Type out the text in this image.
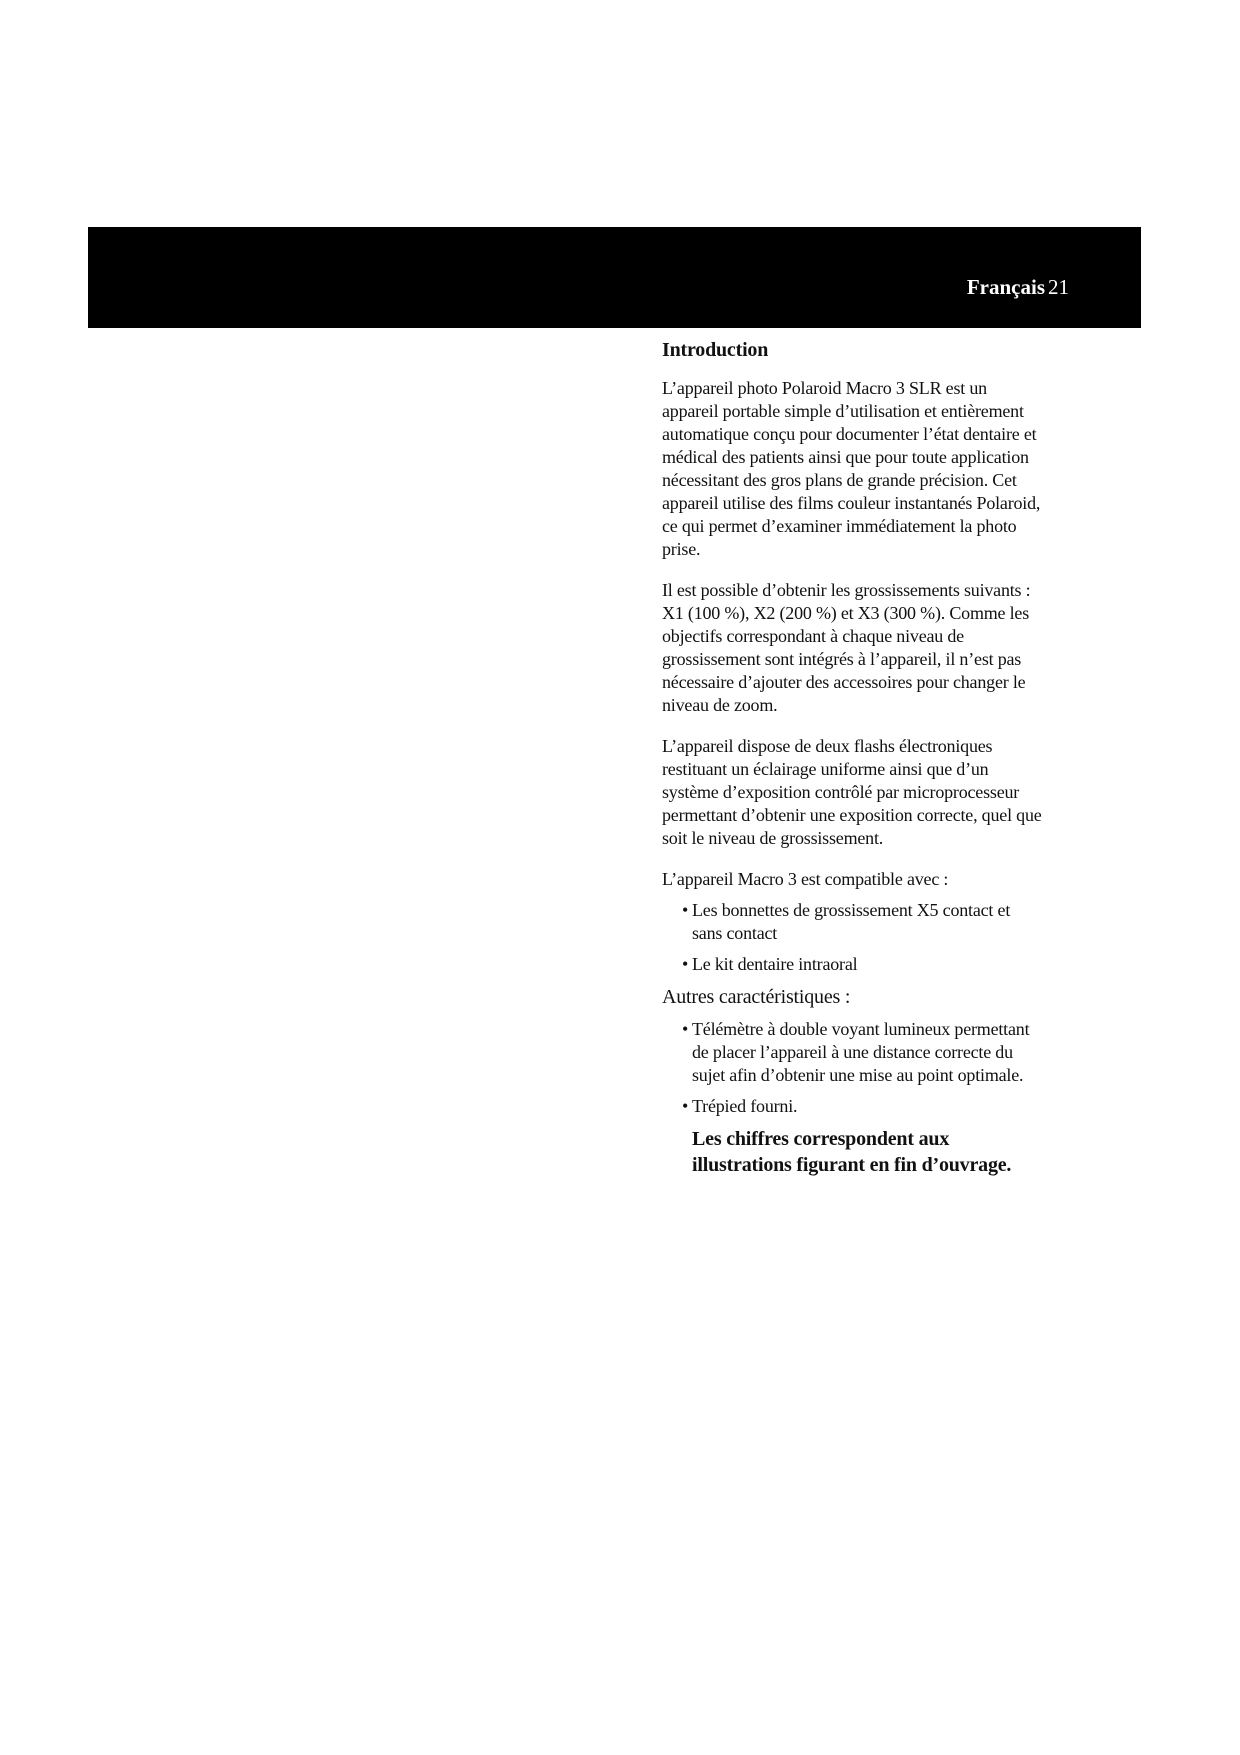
Français 21
Introduction

L’appareil photo Polaroid Macro 3 SLR est un appareil portable simple d’utilisation et entièrement automatique conçu pour documenter l’état dentaire et médical des patients ainsi que pour toute application nécessitant des gros plans de grande précision. Cet appareil utilise des films couleur instantanés Polaroid, ce qui permet d’examiner immédiatement la photo prise.

Il est possible d’obtenir les grossissements suivants : X1 (100 %), X2 (200 %) et X3 (300 %). Comme les objectifs correspondant à chaque niveau de grossissement sont intégrés à l’appareil, il n’est pas nécessaire d’ajouter des accessoires pour changer le niveau de zoom.

L’appareil dispose de deux flashs électroniques restituant un éclairage uniforme ainsi que d’un système d’exposition contrôlé par microprocesseur permettant d’obtenir une exposition correcte, quel que soit le niveau de grossissement.

L’appareil Macro 3 est compatible avec :

• Les bonnettes de grossissement X5 contact et sans contact
• Le kit dentaire intraoral
Autres caractéristiques :
• Télémètre à double voyant lumineux permettant de placer l’appareil à une distance correcte du sujet afin d’obtenir une mise au point optimale.
• Trépied fourni.
Les chiffres correspondent aux illustrations figurant en fin d’ouvrage.
